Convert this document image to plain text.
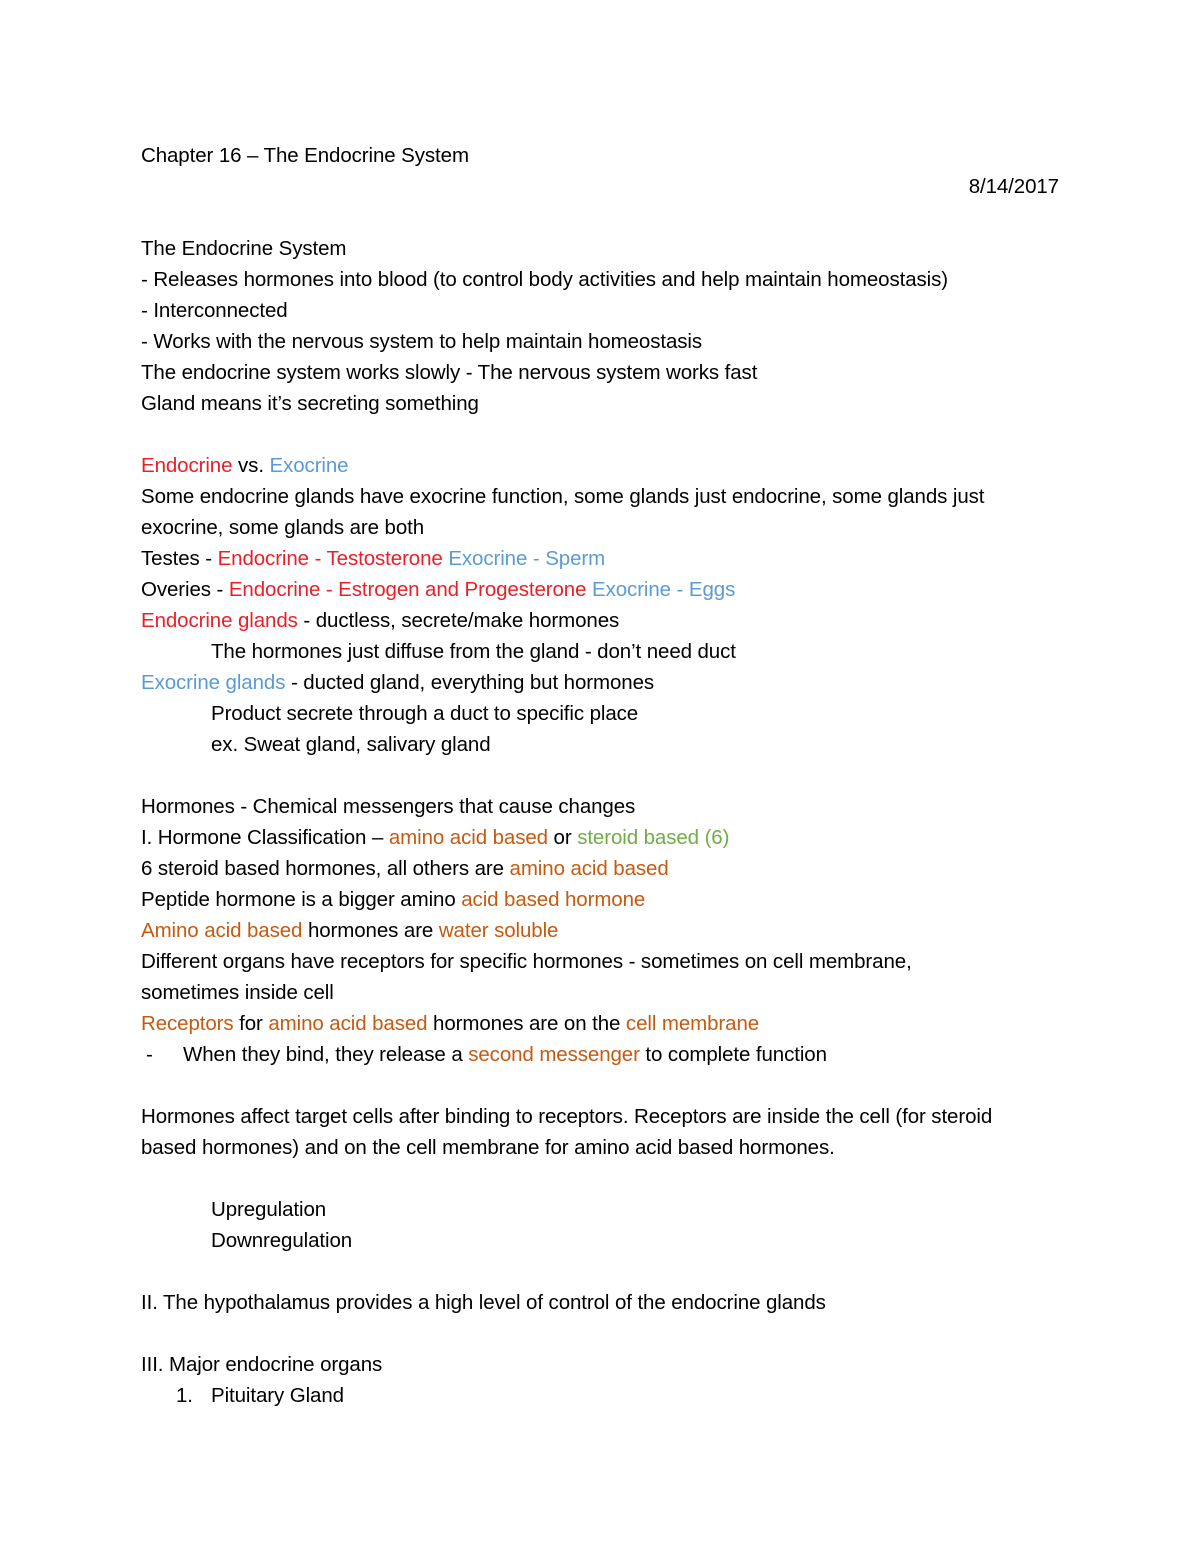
Chapter 16 – The Endocrine System
8/14/2017
The Endocrine System
- Releases hormones into blood (to control body activities and help maintain homeostasis)
- Interconnected
- Works with the nervous system to help maintain homeostasis
The endocrine system works slowly - The nervous system works fast
Gland means it’s secreting something
Endocrine vs. Exocrine
Some endocrine glands have exocrine function, some glands just endocrine, some glands just
exocrine, some glands are both
Testes - Endocrine - Testosterone Exocrine - Sperm
Overies - Endocrine - Estrogen and Progesterone Exocrine - Eggs
Endocrine glands - ductless, secrete/make hormones
The hormones just diffuse from the gland - don’t need duct
Exocrine glands - ducted gland, everything but hormones
Product secrete through a duct to specific place
ex. Sweat gland, salivary gland
Hormones - Chemical messengers that cause changes
I. Hormone Classification – amino acid based or steroid based (6)
6 steroid based hormones, all others are amino acid based
Peptide hormone is a bigger amino acid based hormone
Amino acid based hormones are water soluble
Different organs have receptors for specific hormones - sometimes on cell membrane,
sometimes inside cell
Receptors for amino acid based hormones are on the cell membrane
- When they bind, they release a second messenger to complete function
Hormones affect target cells after binding to receptors. Receptors are inside the cell (for steroid
based hormones) and on the cell membrane for amino acid based hormones.
Upregulation
Downregulation
II. The hypothalamus provides a high level of control of the endocrine glands
III. Major endocrine organs
1. Pituitary Gland
